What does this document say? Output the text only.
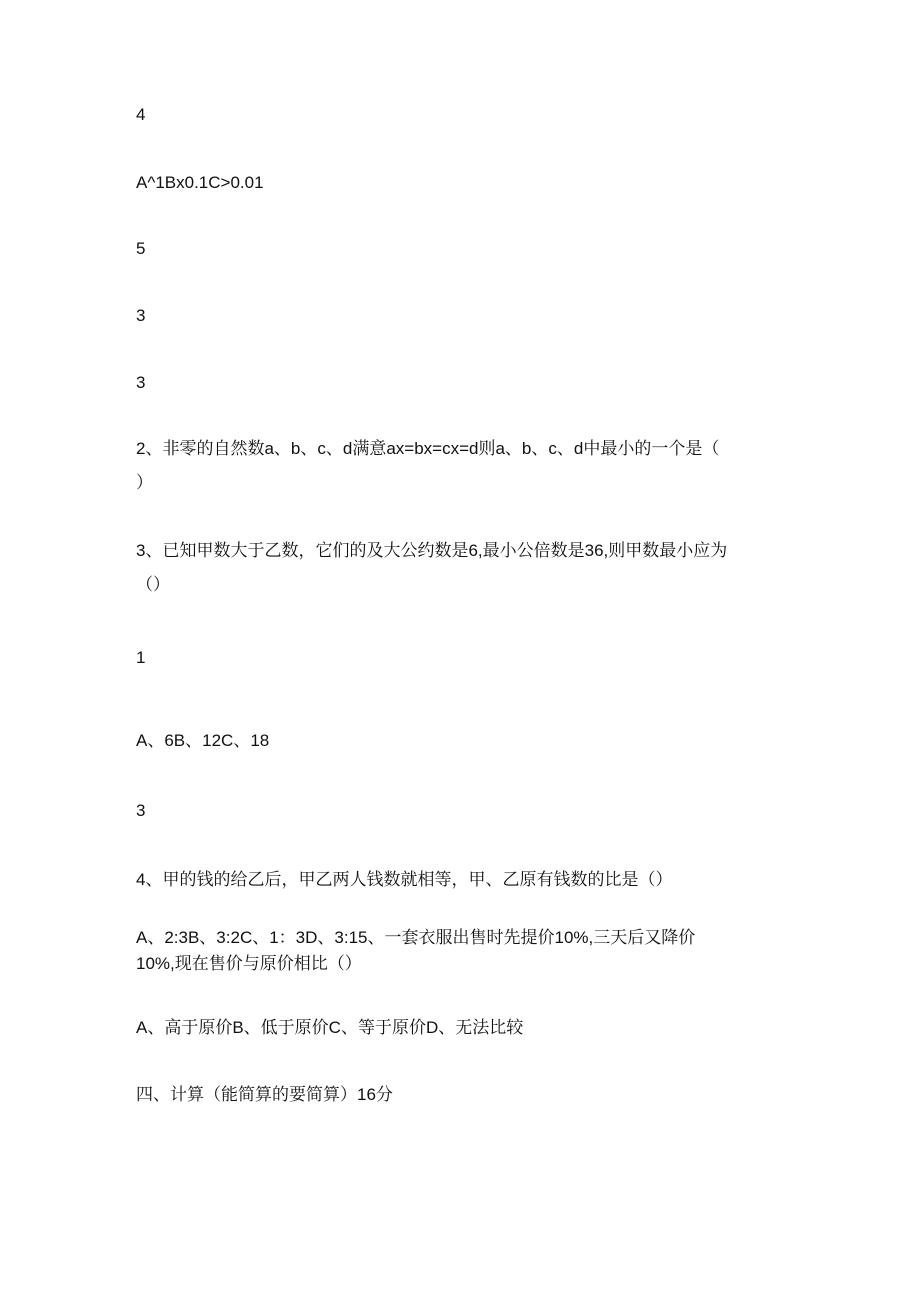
4

A^1Bx0.1C>0.01

5

3

3

2、非零的自然数a、b、c、d满意ax=bx=cx=d则a、b、c、d中最小的一个是（

）

3、已知甲数大于乙数，它们的及大公约数是6,最小公倍数是36,则甲数最小应为

（）

1

A、6B、12C、18

3

4、甲的钱的给乙后，甲乙两人钱数就相等，甲、乙原有钱数的比是（）

A、2:3B、3:2C、1：3D、3:15、一套衣服出售时先提价10%,三天后又降价

10%,现在售价与原价相比（）

A、高于原价B、低于原价C、等于原价D、无法比较

四、计算（能简算的要简算）16分
